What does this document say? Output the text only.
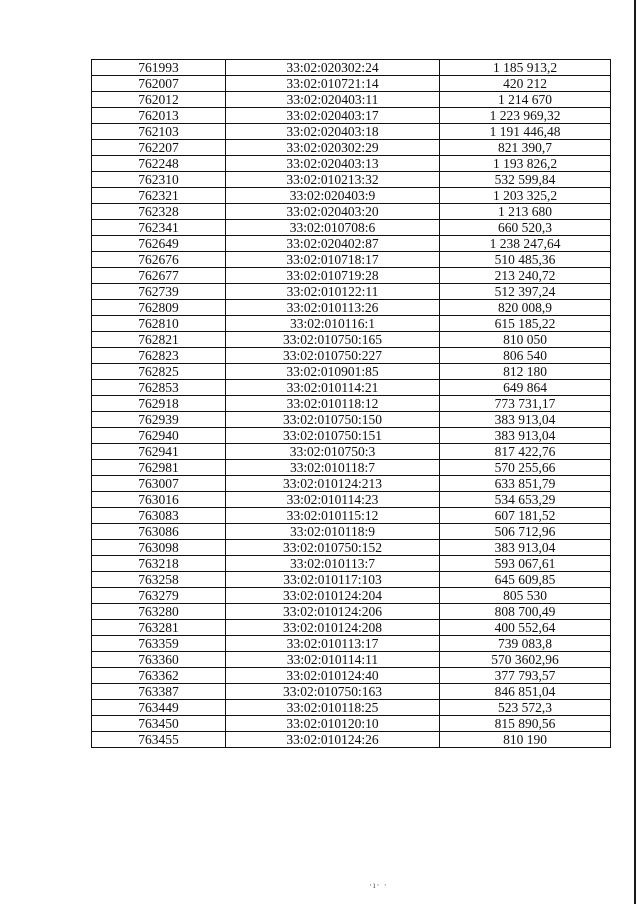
761993	33:02:020302:24	1 185 913,2
762007	33:02:010721:14	420 212
762012	33:02:020403:11	1 214 670
762013	33:02:020403:17	1 223 969,32
762103	33:02:020403:18	1 191 446,48
762207	33:02:020302:29	821 390,7
762248	33:02:020403:13	1 193 826,2
762310	33:02:010213:32	532 599,84
762321	33:02:020403:9	1 203 325,2
762328	33:02:020403:20	1 213 680
762341	33:02:010708:6	660 520,3
762649	33:02:020402:87	1 238 247,64
762676	33:02:010718:17	510 485,36
762677	33:02:010719:28	213 240,72
762739	33:02:010122:11	512 397,24
762809	33:02:010113:26	820 008,9
762810	33:02:010116:1	615 185,22
762821	33:02:010750:165	810 050
762823	33:02:010750:227	806 540
762825	33:02:010901:85	812 180
762853	33:02:010114:21	649 864
762918	33:02:010118:12	773 731,17
762939	33:02:010750:150	383 913,04
762940	33:02:010750:151	383 913,04
762941	33:02:010750:3	817 422,76
762981	33:02:010118:7	570 255,66
763007	33:02:010124:213	633 851,79
763016	33:02:010114:23	534 653,29
763083	33:02:010115:12	607 181,52
763086	33:02:010118:9	506 712,96
763098	33:02:010750:152	383 913,04
763218	33:02:010113:7	593 067,61
763258	33:02:010117:103	645 609,85
763279	33:02:010124:204	805 530
763280	33:02:010124:206	808 700,49
763281	33:02:010124:208	400 552,64
763359	33:02:010113:17	739 083,8
763360	33:02:010114:11	570 3602,96
763362	33:02:010124:40	377 793,57
763387	33:02:010750:163	846 851,04
763449	33:02:010118:25	523 572,3
763450	33:02:010120:10	815 890,56
763455	33:02:010124:26	810 190
·ı· ·
